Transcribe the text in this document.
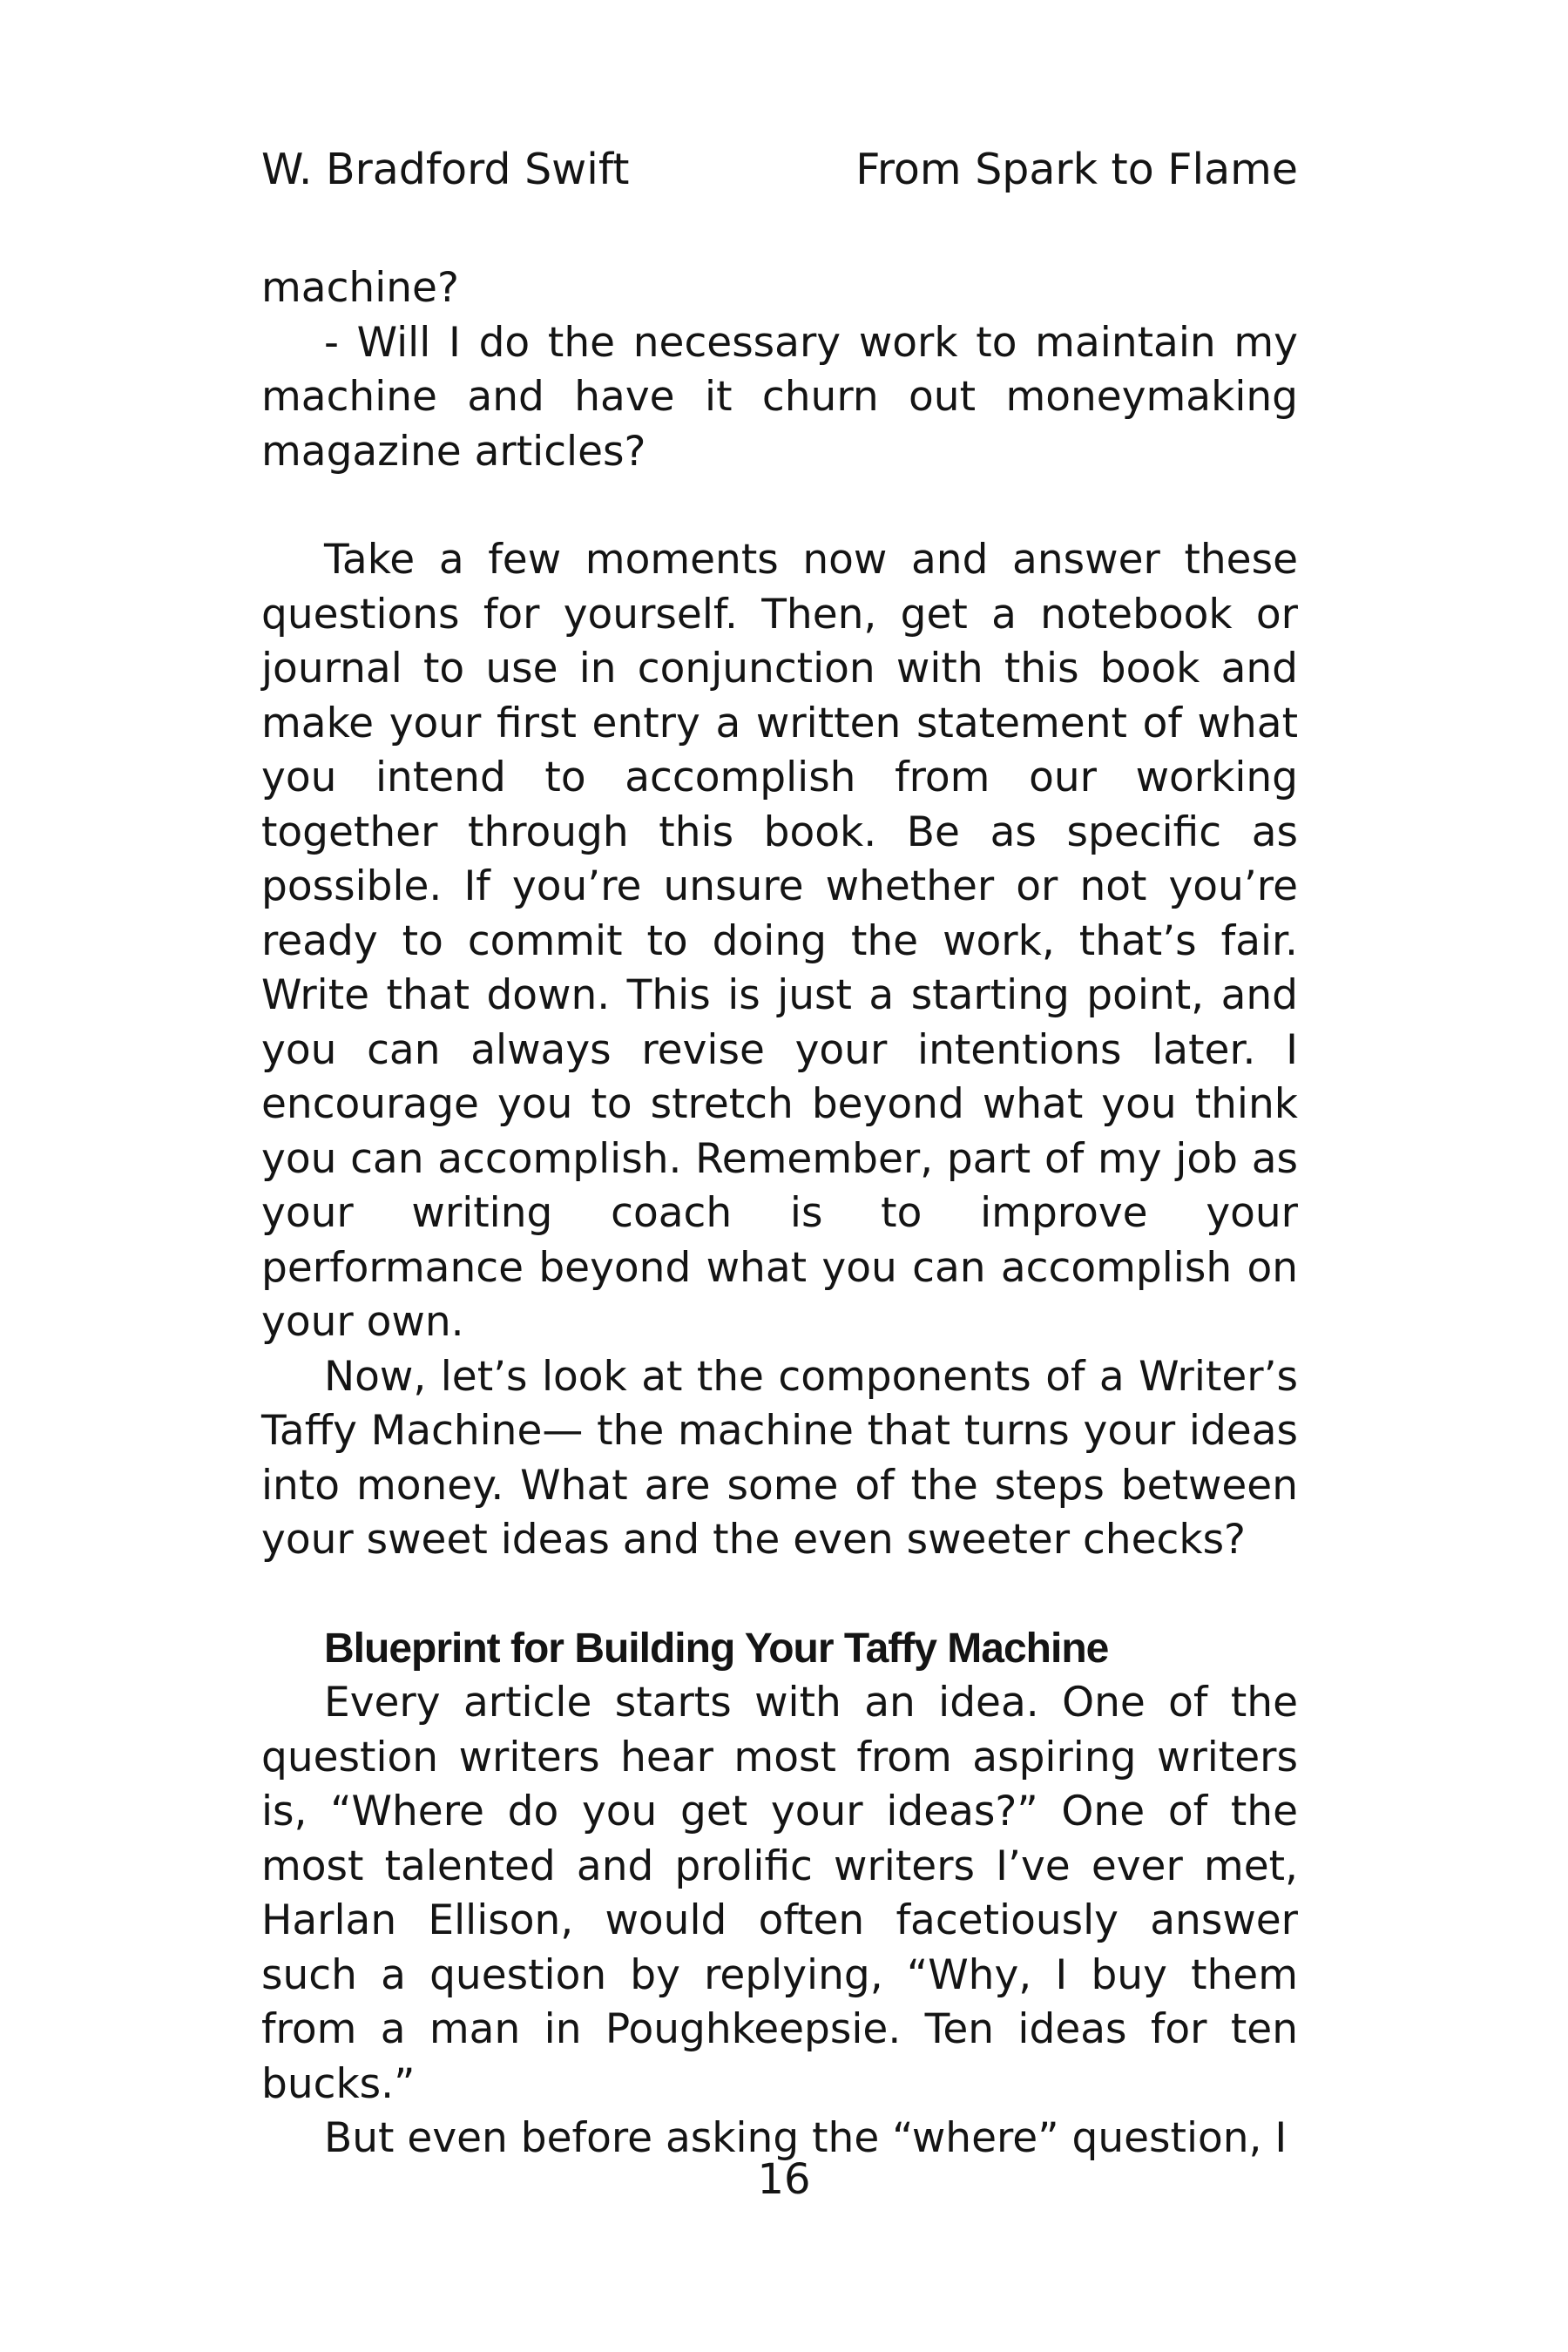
W. Bradford Swift	From Spark to Flame

machine?

- Will I do the necessary work to maintain my machine and have it churn out moneymaking magazine articles?

Take a few moments now and answer these questions for yourself. Then, get a notebook or journal to use in conjunction with this book and make your first entry a written statement of what you intend to accomplish from our working together through this book. Be as specific as possible. If you’re unsure whether or not you’re ready to commit to doing the work, that’s fair. Write that down. This is just a starting point, and you can always revise your intentions later. I encourage you to stretch beyond what you think you can accomplish. Remember, part of my job as your writing coach is to improve your performance beyond what you can accomplish on your own.

Now, let’s look at the components of a Writer’s Taffy Machine— the machine that turns your ideas into money. What are some of the steps between your sweet ideas and the even sweeter checks?

Blueprint for Building Your Taffy Machine

Every article starts with an idea. One of the question writers hear most from aspiring writers is, “Where do you get your ideas?” One of the most talented and prolific writers I’ve ever met, Harlan Ellison, would often facetiously answer such a question by replying, “Why, I buy them from a man in Poughkeepsie. Ten ideas for ten bucks.”

But even before asking the “where” question, I

16
